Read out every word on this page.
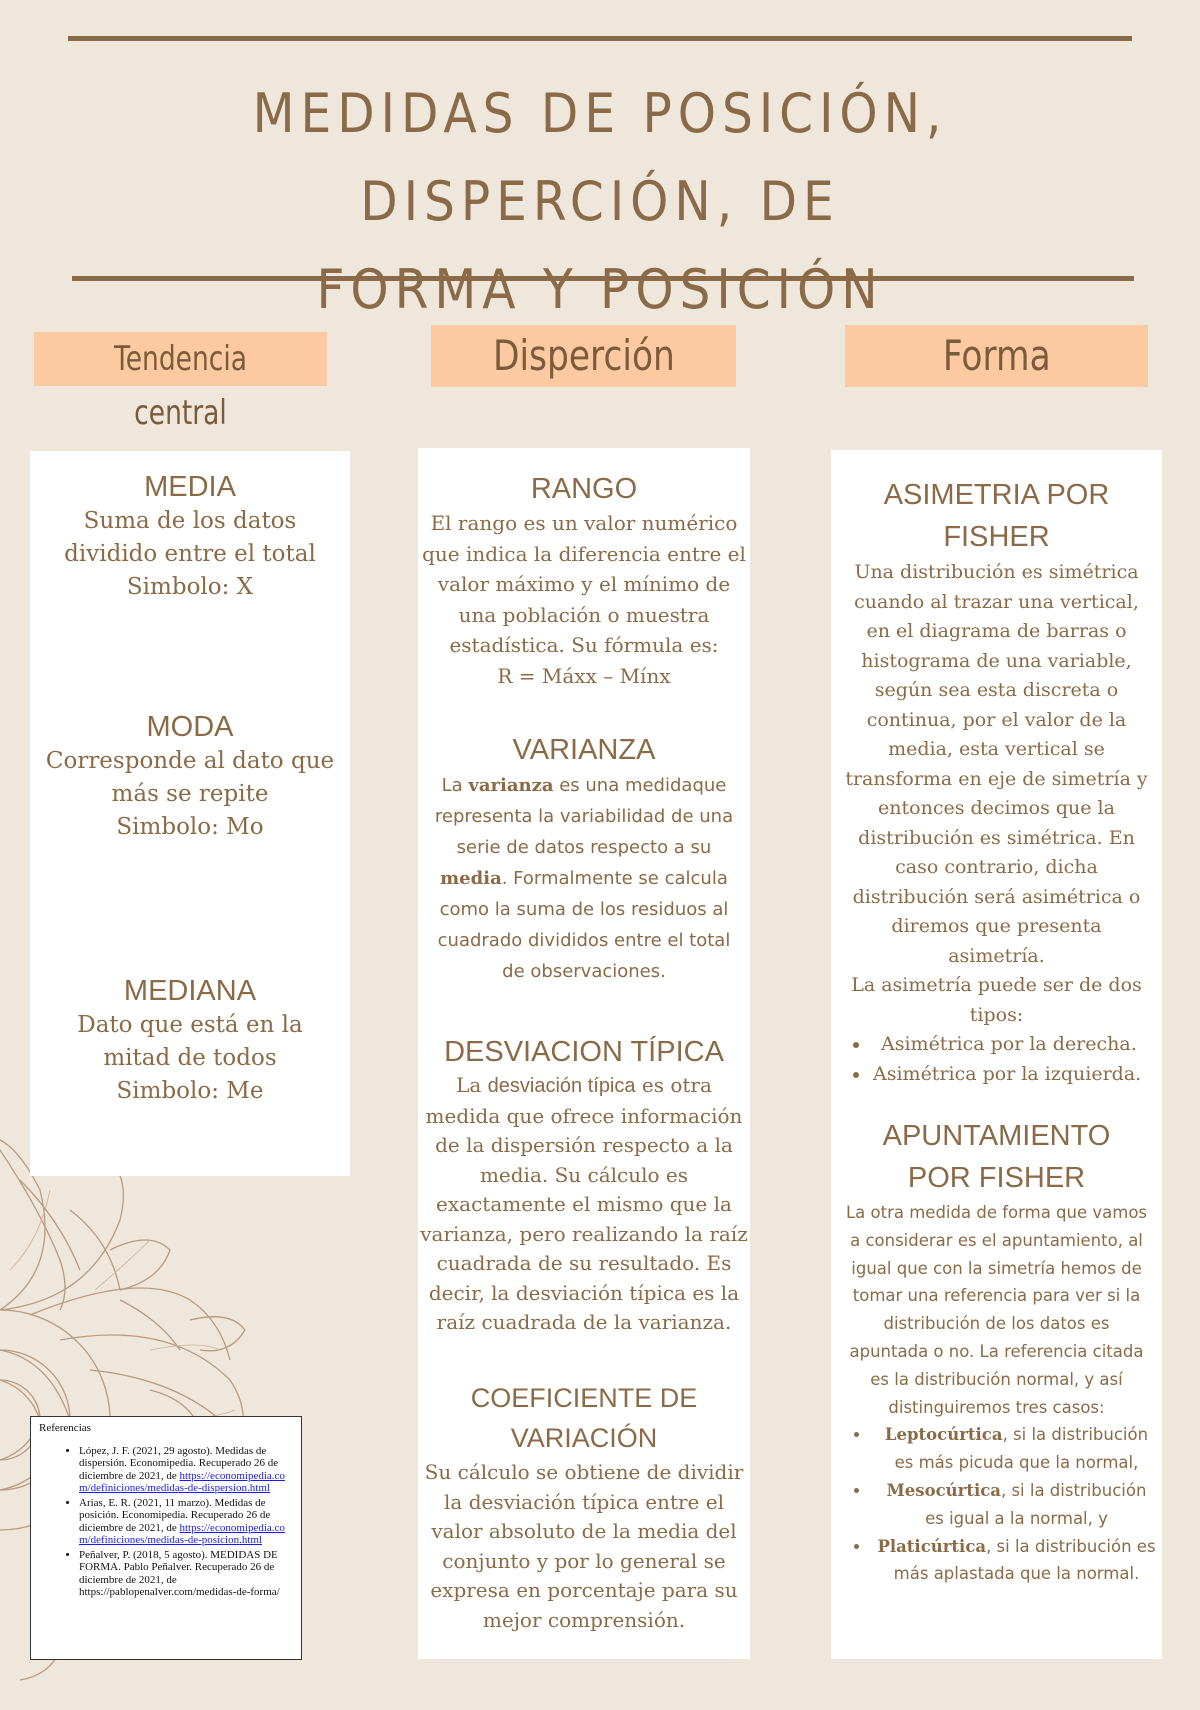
MEDIDAS DE POSICIÓN, DISPERCIÓN, DE
FORMA Y POSICIÓN
Tendencia central
Disperción	Forma
MEDIA

Suma de los datos

dividido entre el total

Simbolo: X

MODA

Corresponde al dato que

más se repite

Simbolo: Mo

MEDIANA

Dato que está en la

mitad de todos

Simbolo: Me

RANGO

El rango es un valor numérico

que indica la diferencia entre el

valor máximo y el mínimo de

una población o muestra

estadística. Su fórmula es:

R = Máxx – Mínx

VARIANZA

La varianza es una medidaque

representa la variabilidad de una

serie de datos respecto a su

media. Formalmente se calcula

como la suma de los residuos al

cuadrado divididos entre el total

de observaciones.

DESVIACION TÍPICA

La desviación típica es otra

medida que ofrece información

de la dispersión respecto a la

media. Su cálculo es

exactamente el mismo que la

varianza, pero realizando la raíz

cuadrada de su resultado. Es

decir, la desviación típica es la

raíz cuadrada de la varianza.

COEFICIENTE DE
VARIACIÓN

Su cálculo se obtiene de dividir

la desviación típica entre el

valor absoluto de la media del

conjunto y por lo general se

expresa en porcentaje para su

mejor comprensión.

ASIMETRIA POR
FISHER

Una distribución es simétrica

cuando al trazar una vertical,

en el diagrama de barras o

histograma de una variable,

según sea esta discreta o

continua, por el valor de la

media, esta vertical se

transforma en eje de simetría y

entonces decimos que la

distribución es simétrica. En

caso contrario, dicha

distribución será asimétrica o

diremos que presenta

asimetría.

La asimetría puede ser de dos

tipos:

• Asimétrica por la derecha.
• Asimétrica por la izquierda.
APUNTAMIENTO
POR FISHER

La otra medida de forma que vamos

a considerar es el apuntamiento, al

igual que con la simetría hemos de

tomar una referencia para ver si la

distribución de los datos es

apuntada o no. La referencia citada

es la distribución normal, y así

distinguiremos tres casos:

• Leptocúrtica, si la distribución
es más picuda que la normal,
• Mesocúrtica, si la distribución
es igual a la normal, y
• Platicúrtica, si la distribución es
más aplastada que la normal.
Referencias
• López, J. F. (2021, 29 agosto). Medidas de dispersión. Economipedia. Recuperado 26 de diciembre de 2021, de https://economipedia.com/definiciones/medidas-de-dispersion.html
• Arias, E. R. (2021, 11 marzo). Medidas de posición. Economipedia. Recuperado 26 de diciembre de 2021, de https://economipedia.com/definiciones/medidas-de-posicion.html
• Peñalver, P. (2018, 5 agosto). MEDIDAS DE FORMA. Pablo Peñalver. Recuperado 26 de diciembre de 2021, de https://pablopenalver.com/medidas-de-forma/
